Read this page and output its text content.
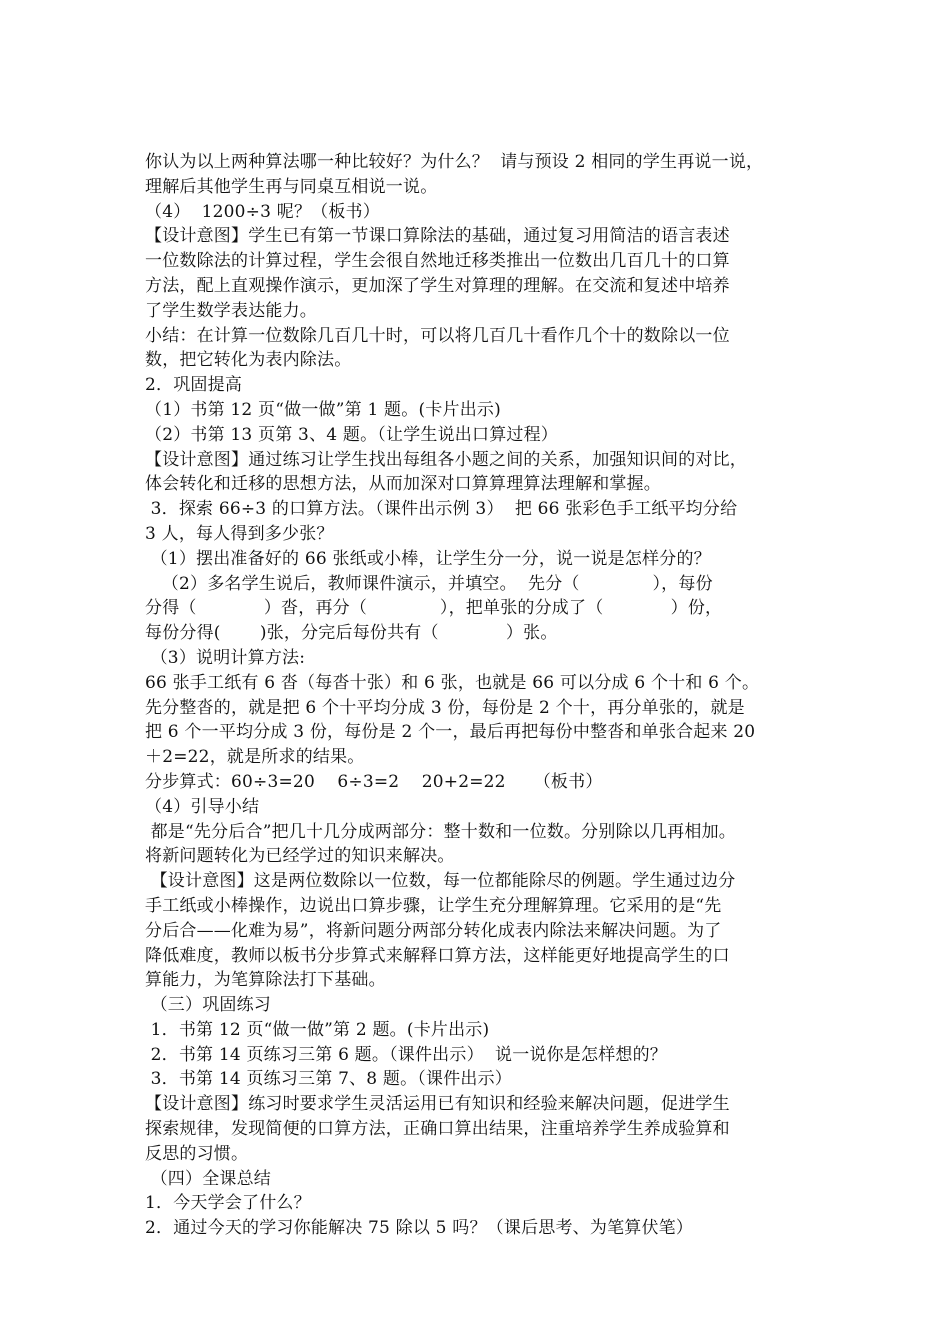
你认为以上两种算法哪一种比较好？为什么？  请与预设 2 相同的学生再说一说，

理解后其他学生再与同桌互相说一说。

（4）  1200÷3 呢？（板书）

【设计意图】学生已有第一节课口算除法的基础，通过复习用简洁的语言表述

一位数除法的计算过程，学生会很自然地迁移类推出一位数出几百几十的口算

方法，配上直观操作演示，更加深了学生对算理的理解。在交流和复述中培养

了学生数学表达能力。

小结：在计算一位数除几百几十时，可以将几百几十看作几个十的数除以一位

数，把它转化为表内除法。

2．巩固提高

（1）书第 12 页“做一做”第 1 题。(卡片出示)

（2）书第 13 页第 3、4 题。（让学生说出口算过程）

【设计意图】通过练习让学生找出每组各小题之间的关系，加强知识间的对比，

体会转化和迁移的思想方法，从而加深对口算算理算法理解和掌握。

3．探索 66÷3 的口算方法。（课件出示例 3）  把 66 张彩色手工纸平均分给

3 人，每人得到多少张？

（1）摆出准备好的 66 张纸或小棒，让学生分一分，说一说是怎样分的？

（2）多名学生说后，教师课件演示，并填空。  先分（             ），每份

分得（            ）沓，再分（             ），把单张的分成了（            ）份，

每份分得(       )张，分完后每份共有（            ）张。

（3）说明计算方法:

66 张手工纸有 6 沓（每沓十张）和 6 张，也就是 66 可以分成 6 个十和 6 个。

先分整沓的，就是把 6 个十平均分成 3 份，每份是 2 个十，再分单张的，就是

把 6 个一平均分成 3 份，每份是 2 个一，最后再把每份中整沓和单张合起来 20

＋2=22，就是所求的结果。

分步算式：60÷3=20    6÷3=2    20+2=22     （板书）

（4）引导小结

都是“先分后合”把几十几分成两部分：整十数和一位数。分别除以几再相加。

将新问题转化为已经学过的知识来解决。

【设计意图】这是两位数除以一位数，每一位都能除尽的例题。学生通过边分

手工纸或小棒操作，边说出口算步骤，让学生充分理解算理。它采用的是“先

分后合——化难为易”，将新问题分两部分转化成表内除法来解决问题。为了

降低难度，教师以板书分步算式来解释口算方法，这样能更好地提高学生的口

算能力，为笔算除法打下基础。

（三）巩固练习

1．书第 12 页“做一做”第 2 题。(卡片出示)

2．书第 14 页练习三第 6 题。（课件出示）  说一说你是怎样想的？

3．书第 14 页练习三第 7、8 题。（课件出示）

【设计意图】练习时要求学生灵活运用已有知识和经验来解决问题，促进学生

探索规律，发现简便的口算方法，正确口算出结果，注重培养学生养成验算和

反思的习惯。

（四）全课总结

1．今天学会了什么？

2．通过今天的学习你能解决 75 除以 5 吗？（课后思考、为笔算伏笔）
